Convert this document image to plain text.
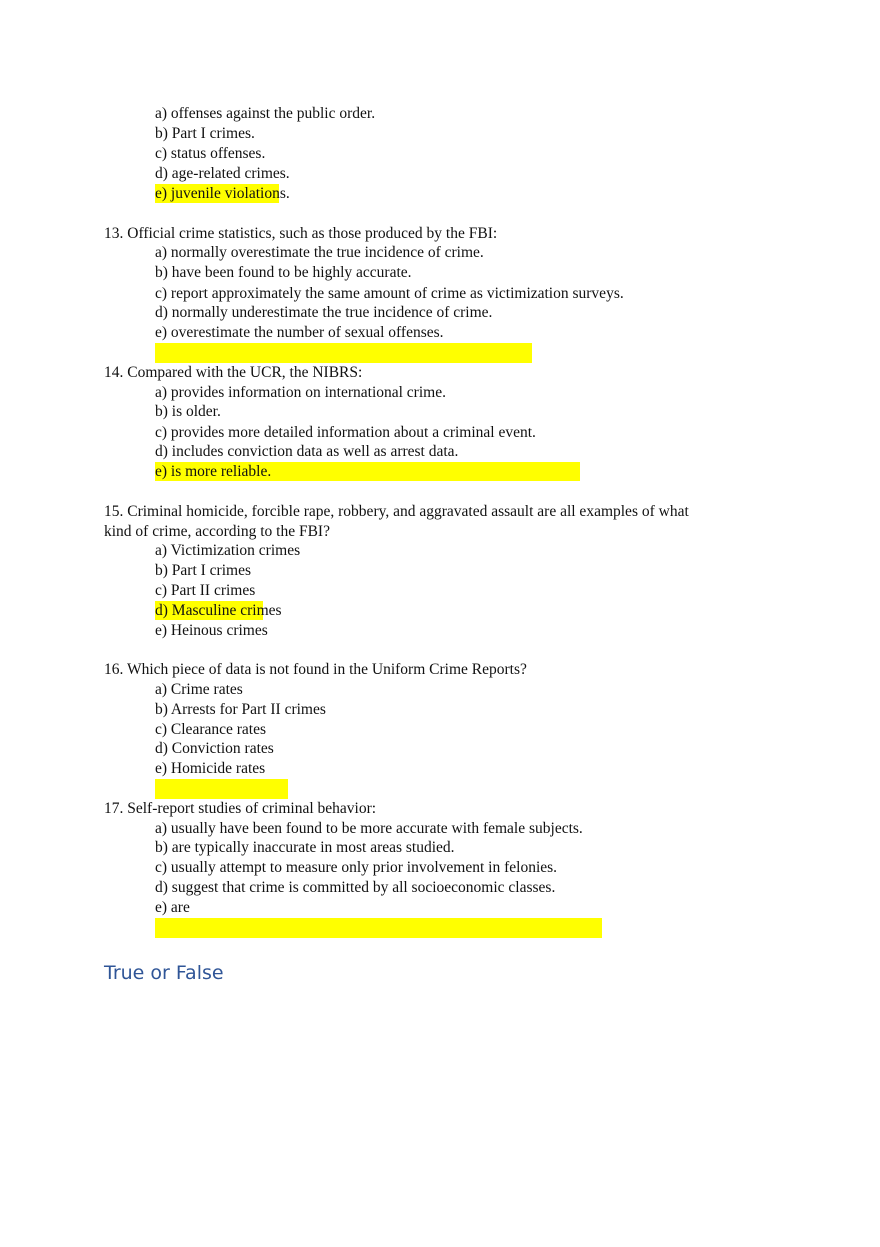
a) offenses against the public order.
b) Part I crimes.
c) status offenses.
d) age-related crimes.
e) juvenile violations.
13. Official crime statistics, such as those produced by the FBI:
a) normally overestimate the true incidence of crime.
b) have been found to be highly accurate.
c) report approximately the same amount of crime as victimization surveys.
d) normally underestimate the true incidence of crime.
e) overestimate the number of sexual offenses.
14. Compared with the UCR, the NIBRS:
a) provides information on international crime.
b) is older.
c) provides more detailed information about a criminal event.
d) includes conviction data as well as arrest data.
e) is more reliable.
15. Criminal homicide, forcible rape, robbery, and aggravated assault are all examples of what
kind of crime, according to the FBI?
a) Victimization crimes
b) Part I crimes
c) Part II crimes
d) Masculine crimes
e) Heinous crimes
16. Which piece of data is not found in the Uniform Crime Reports?
a) Crime rates
b) Arrests for Part II crimes
c) Clearance rates
d) Conviction rates
e) Homicide rates
17. Self-report studies of criminal behavior:
a) usually have been found to be more accurate with female subjects.
b) are typically inaccurate in most areas studied.
c) usually attempt to measure only prior involvement in felonies.
d) suggest that crime is committed by all socioeconomic classes.
e) are
True or False
